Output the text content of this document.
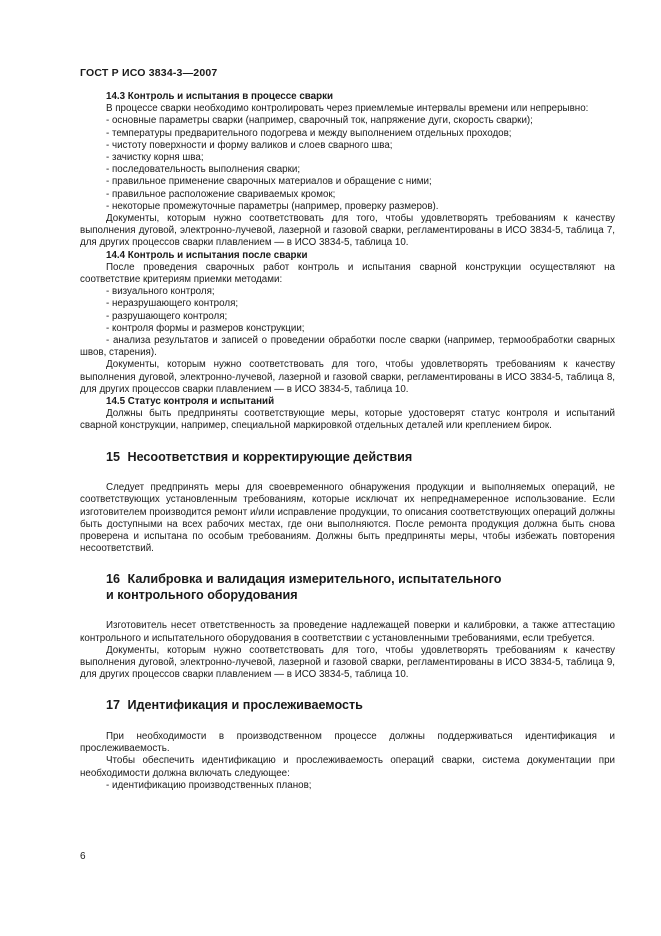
ГОСТ Р ИСО 3834-3—2007

14.3 Контроль и испытания в процессе сварки

В процессе сварки необходимо контролировать через приемлемые интервалы времени или непрерывно:

- основные параметры сварки (например, сварочный ток, напряжение дуги, скорость сварки);

- температуры предварительного подогрева и между выполнением отдельных проходов;

- чистоту поверхности и форму валиков и слоев сварного шва;

- зачистку корня шва;

- последовательность выполнения сварки;

- правильное применение сварочных материалов и обращение с ними;

- правильное расположение свариваемых кромок;

- некоторые промежуточные параметры (например, проверку размеров).

Документы, которым нужно соответствовать для того, чтобы удовлетворять требованиям к качеству выполнения дуговой, электронно-лучевой, лазерной и газовой сварки, регламентированы в ИСО 3834-5, таблица 7, для других процессов сварки плавлением — в ИСО 3834-5, таблица 10.

14.4 Контроль и испытания после сварки

После проведения сварочных работ контроль и испытания сварной конструкции осуществляют на соответствие критериям приемки методами:

- визуального контроля;

- неразрушающего контроля;

- разрушающего контроля;

- контроля формы и размеров конструкции;

- анализа результатов и записей о проведении обработки после сварки (например, термообработки сварных швов, старения).

Документы, которым нужно соответствовать для того, чтобы удовлетворять требованиям к качеству выполнения дуговой, электронно-лучевой, лазерной и газовой сварки, регламентированы в ИСО 3834-5, таблица 8, для других процессов сварки плавлением — в ИСО 3834-5, таблица 10.

14.5 Статус контроля и испытаний

Должны быть предприняты соответствующие меры, которые удостоверят статус контроля и испытаний сварной конструкции, например, специальной маркировкой отдельных деталей или креплением бирок.

15 Несоответствия и корректирующие действия

Следует предпринять меры для своевременного обнаружения продукции и выполняемых операций, не соответствующих установленным требованиям, которые исключат их непреднамеренное использование. Если изготовителем производится ремонт и/или исправление продукции, то описания соответствующих операций должны быть доступными на всех рабочих местах, где они выполняются. После ремонта продукция должна быть снова проверена и испытана по особым требованиям. Должны быть предприняты меры, чтобы избежать повторения несоответствий.

16 Калибровка и валидация измерительного, испытательного
и контрольного оборудования

Изготовитель несет ответственность за проведение надлежащей поверки и калибровки, а также аттестацию контрольного и испытательного оборудования в соответствии с установленными требованиями, если требуется.

Документы, которым нужно соответствовать для того, чтобы удовлетворять требованиям к качеству выполнения дуговой, электронно-лучевой, лазерной и газовой сварки, регламентированы в ИСО 3834-5, таблица 9, для других процессов сварки плавлением — в ИСО 3834-5, таблица 10.

17 Идентификация и прослеживаемость

При необходимости в производственном процессе должны поддерживаться идентификация и прослеживаемость.

Чтобы обеспечить идентификацию и прослеживаемость операций сварки, система документации при необходимости должна включать следующее:

- идентификацию производственных планов;

6
